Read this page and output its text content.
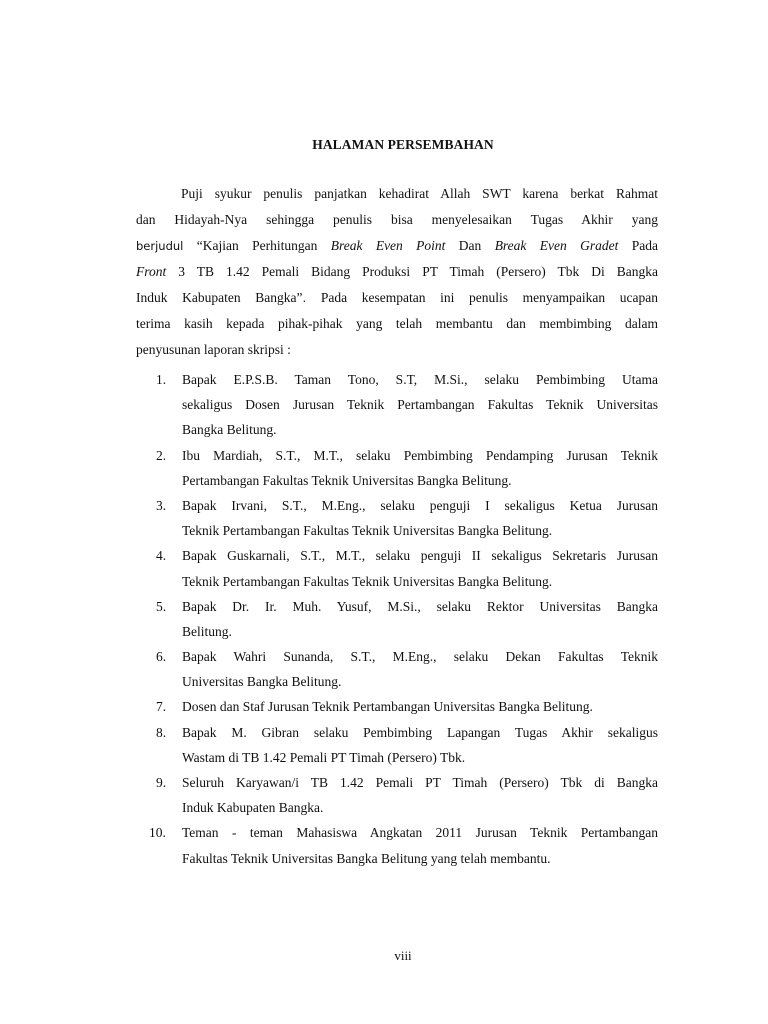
HALAMAN PERSEMBAHAN
Puji syukur penulis panjatkan kehadirat Allah SWT karena berkat Rahmat
dan Hidayah-Nya sehingga penulis bisa menyelesaikan Tugas Akhir yang
berjudul “Kajian Perhitungan Break Even Point Dan Break Even Gradet Pada
Front 3 TB 1.42 Pemali Bidang Produksi PT Timah (Persero) Tbk Di Bangka
Induk Kabupaten Bangka”. Pada kesempatan ini penulis menyampaikan ucapan
terima kasih kepada pihak-pihak yang telah membantu dan membimbing dalam
penyusunan laporan skripsi :
1. Bapak E.P.S.B. Taman Tono, S.T, M.Si., selaku Pembimbing Utama
sekaligus Dosen Jurusan Teknik Pertambangan Fakultas Teknik Universitas
Bangka Belitung.
2. Ibu Mardiah, S.T., M.T., selaku Pembimbing Pendamping Jurusan Teknik
Pertambangan Fakultas Teknik Universitas Bangka Belitung.
3. Bapak Irvani, S.T., M.Eng., selaku penguji I sekaligus Ketua Jurusan
Teknik Pertambangan Fakultas Teknik Universitas Bangka Belitung.
4. Bapak Guskarnali, S.T., M.T., selaku penguji II sekaligus Sekretaris Jurusan
Teknik Pertambangan Fakultas Teknik Universitas Bangka Belitung.
5. Bapak Dr. Ir. Muh. Yusuf, M.Si., selaku Rektor Universitas Bangka
Belitung.
6. Bapak Wahri Sunanda, S.T., M.Eng., selaku Dekan Fakultas Teknik
Universitas Bangka Belitung.
7. Dosen dan Staf Jurusan Teknik Pertambangan Universitas Bangka Belitung.
8. Bapak M. Gibran selaku Pembimbing Lapangan Tugas Akhir sekaligus
Wastam di TB 1.42 Pemali PT Timah (Persero) Tbk.
9. Seluruh Karyawan/i TB 1.42 Pemali PT Timah (Persero) Tbk di Bangka
Induk Kabupaten Bangka.
10. Teman - teman Mahasiswa Angkatan 2011 Jurusan Teknik Pertambangan
Fakultas Teknik Universitas Bangka Belitung yang telah membantu.
viii
